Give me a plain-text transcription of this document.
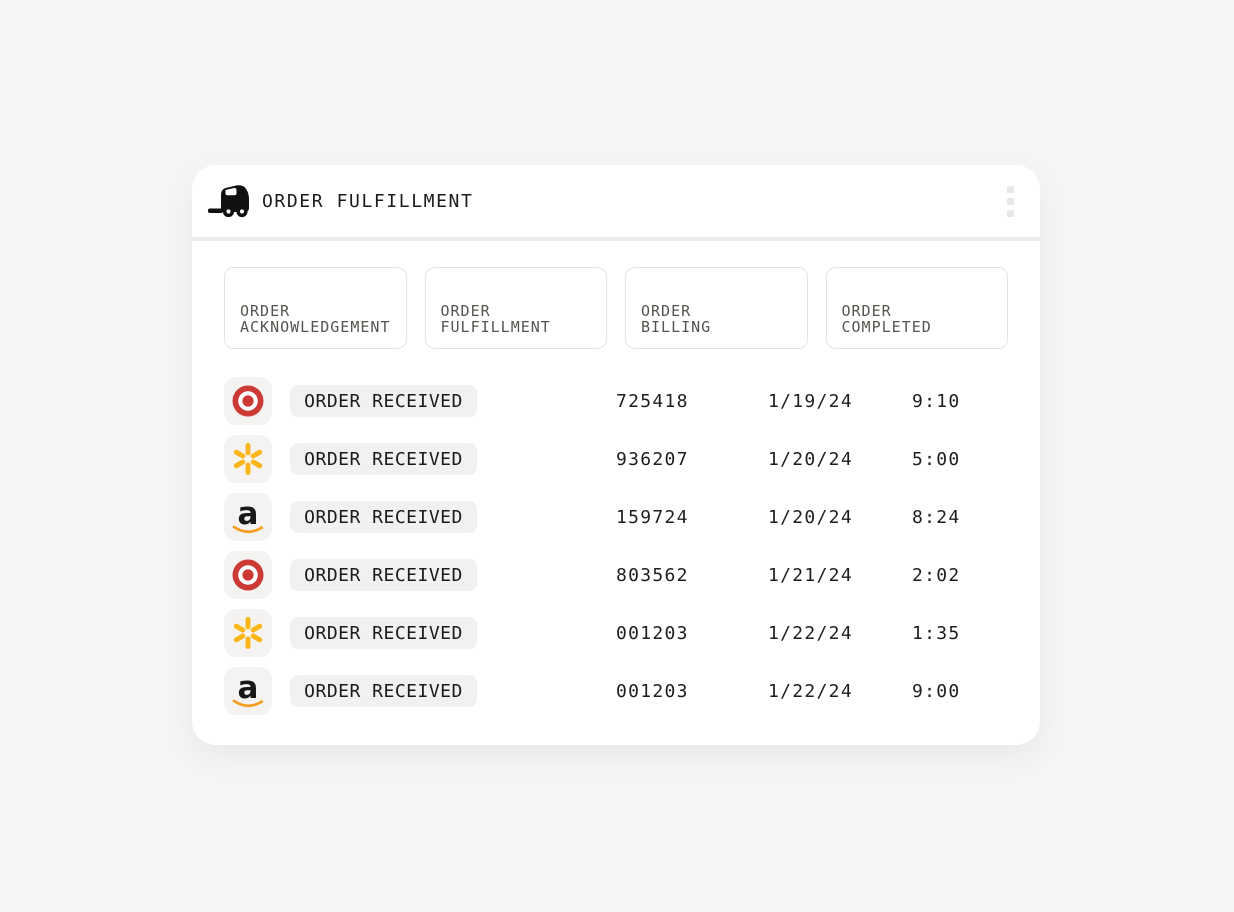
ORDER FULFILLMENT
ORDER
ACKNOWLEDGEMENT
ORDER
FULFILLMENT
ORDER
BILLING
ORDER
COMPLETED
ORDER RECEIVED	725418	1/19/24	9:10
ORDER RECEIVED	936207	1/20/24	5:00
a	ORDER RECEIVED	159724	1/20/24	8:24
ORDER RECEIVED	803562	1/21/24	2:02
ORDER RECEIVED	001203	1/22/24	1:35
a	ORDER RECEIVED	001203	1/22/24	9:00
